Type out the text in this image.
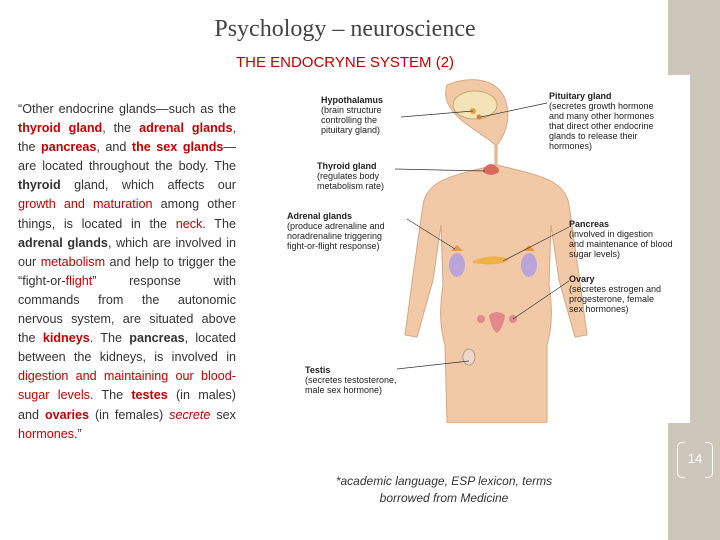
Psychology – neuroscience
THE ENDOCRYNE SYSTEM (2)
“Other endocrine glands—such as the thyroid gland, the adrenal glands, the pancreas, and the sex glands—are located throughout the body. The thyroid gland, which affects our growth and maturation among other things, is located in the neck. The adrenal glands, which are involved in our metabolism and help to trigger the “fight-or-flight” response with commands from the autonomic nervous system, are situated above the kidneys. The pancreas, located between the kidneys, is involved in digestion and maintaining our blood-sugar levels. The testes (in males) and ovaries (in females) secrete sex hormones.”
Hypothalamus
(brain structure
controlling the
pituitary gland)
Thyroid gland
(regulates body
metabolism rate)
Adrenal glands
(produce adrenaline and
noradrenaline triggering
fight-or-flight response)
Testis
(secretes testosterone,
male sex hormone)
Pituitary gland
(secretes growth hormone
and many other hormones
that direct other endocrine
glands to release their
hormones)
Pancreas
(involved in digestion
and maintenance of blood
sugar levels)
Ovary
(secretes estrogen and
progesterone, female
sex hormones)
*academic language, ESP lexicon, terms
borrowed from Medicine
14
